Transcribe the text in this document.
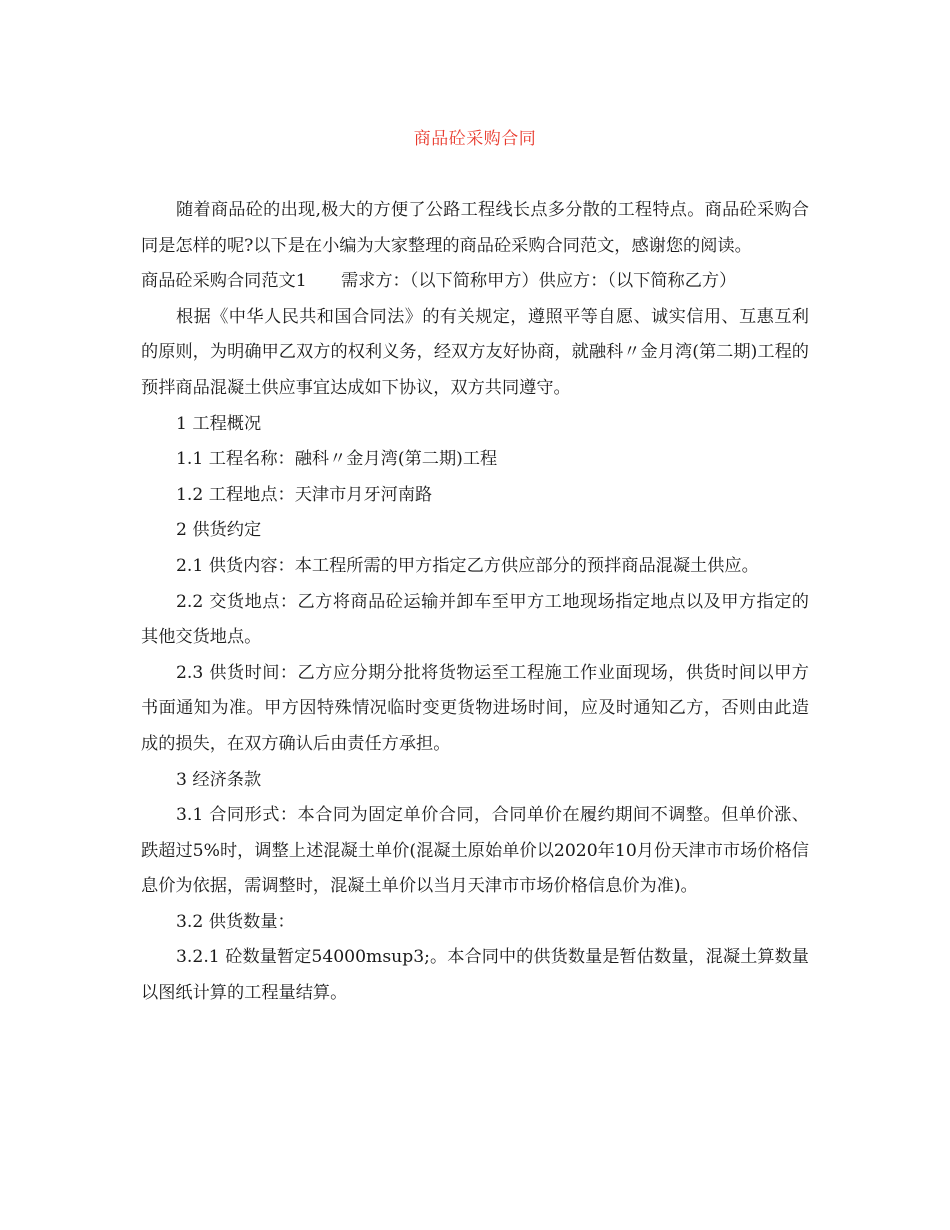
商品砼采购合同

随着商品砼的出现,极大的方便了公路工程线长点多分散的工程特点。商品砼采购合同是怎样的呢?以下是在小编为大家整理的商品砼采购合同范文，感谢您的阅读。

商品砼采购合同范文1　　需求方：（以下简称甲方）供应方：（以下简称乙方）

根据《中华人民共和国合同法》的有关规定，遵照平等自愿、诚实信用、互惠互利的原则，为明确甲乙双方的权利义务，经双方友好协商，就融科〃金月湾(第二期)工程的预拌商品混凝土供应事宜达成如下协议，双方共同遵守。

1 工程概况

1.1 工程名称：融科〃金月湾(第二期)工程

1.2 工程地点：天津市月牙河南路

2 供货约定

2.1 供货内容：本工程所需的甲方指定乙方供应部分的预拌商品混凝土供应。

2.2 交货地点：乙方将商品砼运输并卸车至甲方工地现场指定地点以及甲方指定的其他交货地点。

2.3 供货时间：乙方应分期分批将货物运至工程施工作业面现场，供货时间以甲方书面通知为准。甲方因特殊情况临时变更货物进场时间，应及时通知乙方，否则由此造成的损失，在双方确认后由责任方承担。

3 经济条款

3.1 合同形式：本合同为固定单价合同，合同单价在履约期间不调整。但单价涨、跌超过5%时，调整上述混凝土单价(混凝土原始单价以2020年10月份天津市市场价格信息价为依据，需调整时，混凝土单价以当月天津市市场价格信息价为准)。

3.2 供货数量：

3.2.1 砼数量暂定54000msup3;。本合同中的供货数量是暂估数量，混凝土算数量以图纸计算的工程量结算。
